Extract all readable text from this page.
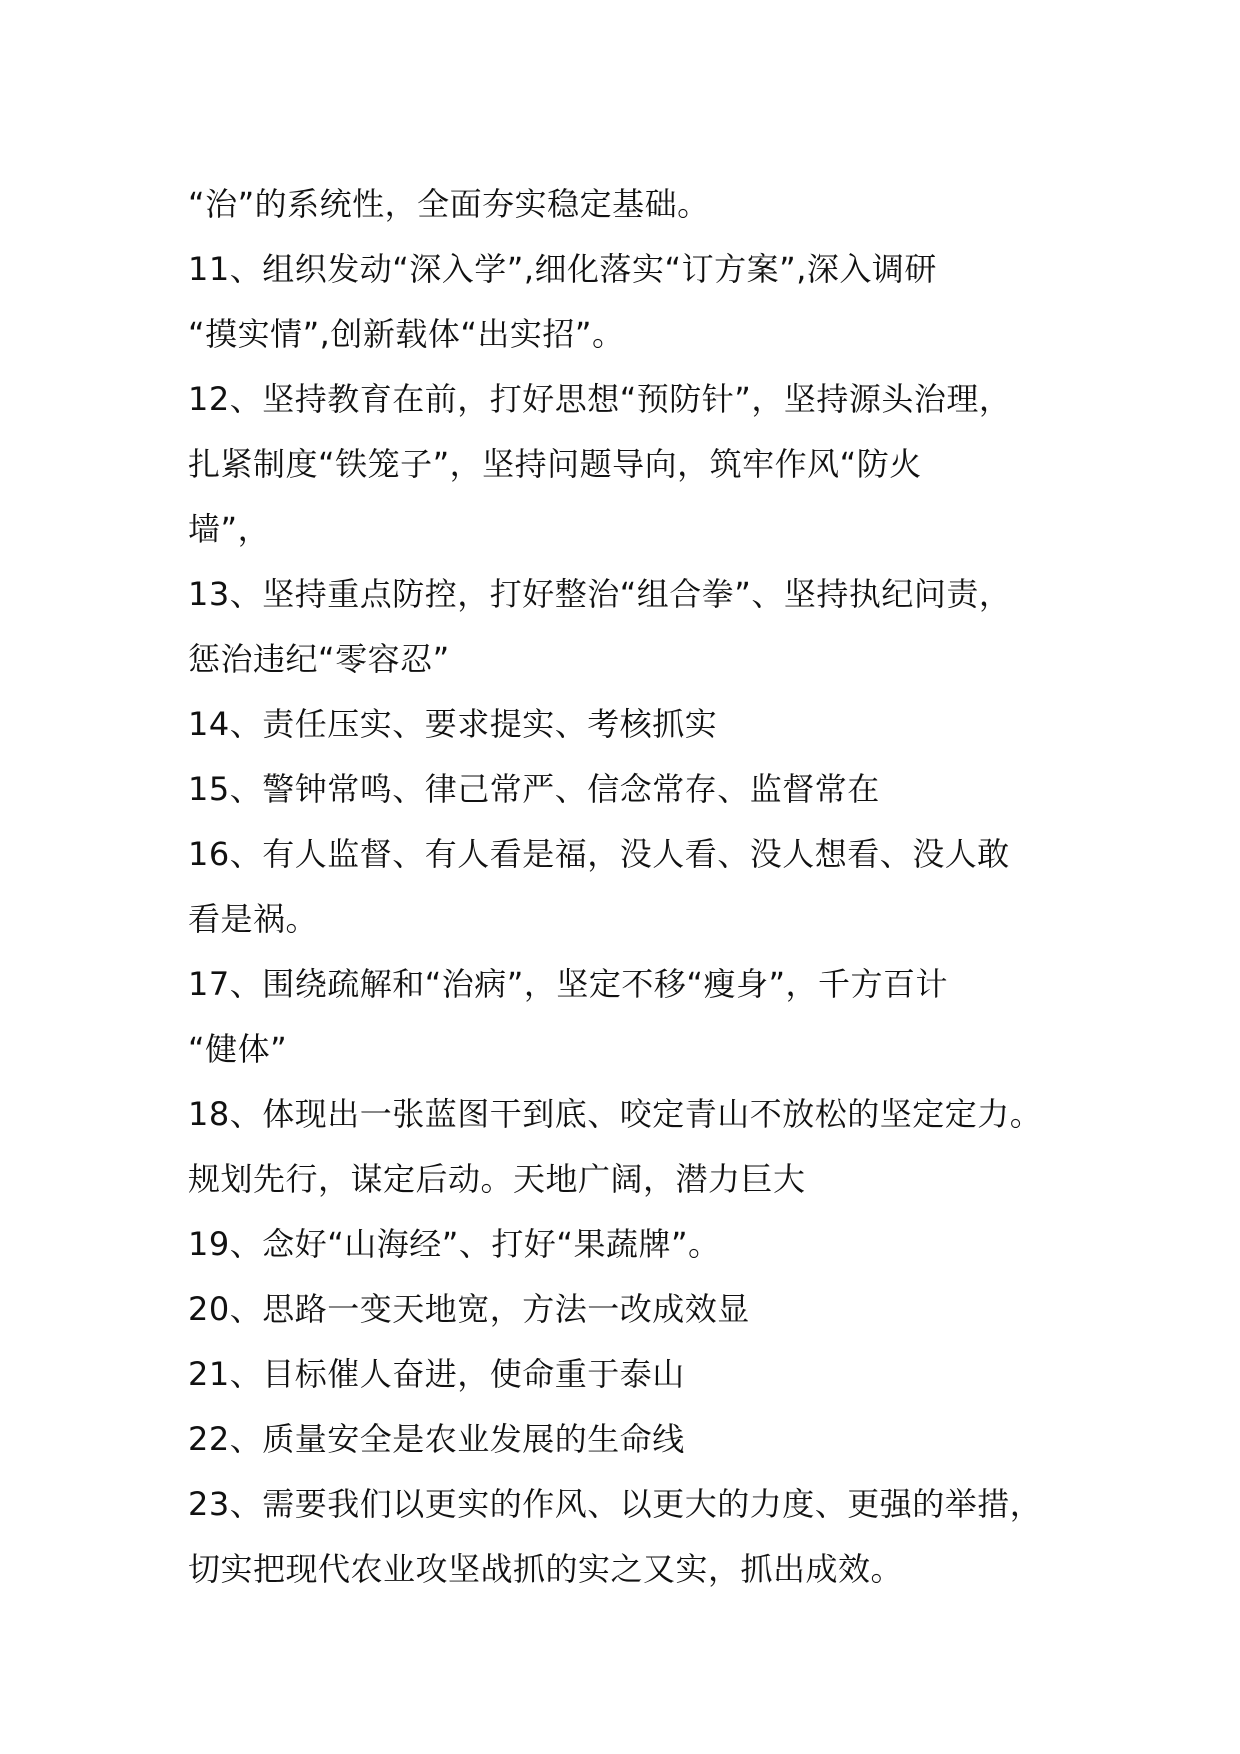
“治”的系统性，全面夯实稳定基础。

11、组织发动“深入学”,细化落实“订方案”,深入调研
“摸实情”,创新载体“出实招”。

12、坚持教育在前，打好思想“预防针”，坚持源头治理，
扎紧制度“铁笼子”，坚持问题导向，筑牢作风“防火
墙”，

13、坚持重点防控，打好整治“组合拳”、坚持执纪问责，
惩治违纪“零容忍”

14、责任压实、要求提实、考核抓实

15、警钟常鸣、律己常严、信念常存、监督常在

16、有人监督、有人看是福，没人看、没人想看、没人敢
看是祸。

17、围绕疏解和“治病”，坚定不移“瘦身”，千方百计
“健体”

18、体现出一张蓝图干到底、咬定青山不放松的坚定定力。
规划先行，谋定后动。天地广阔，潜力巨大

19、念好“山海经”、打好“果蔬牌”。

20、思路一变天地宽，方法一改成效显

21、目标催人奋进，使命重于泰山

22、质量安全是农业发展的生命线

23、需要我们以更实的作风、以更大的力度、更强的举措，
切实把现代农业攻坚战抓的实之又实，抓出成效。
